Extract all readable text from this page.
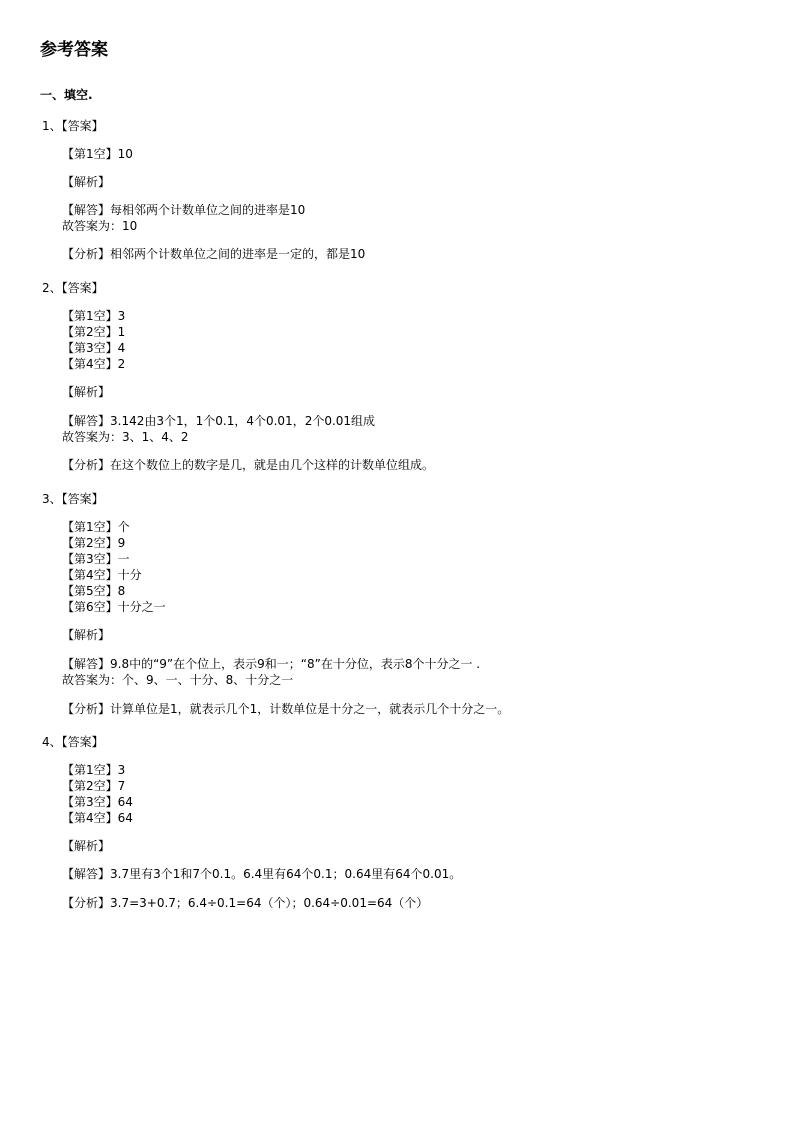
参考答案
一、填空.
1、【答案】
【第1空】10
【解析】
【解答】每相邻两个计数单位之间的进率是10
故答案为：10
【分析】相邻两个计数单位之间的进率是一定的，都是10
2、【答案】
【第1空】3
【第2空】1
【第3空】4
【第4空】2
【解析】
【解答】3.142由3个1，1个0.1，4个0.01，2个0.01组成
故答案为：3、1、4、2
【分析】在这个数位上的数字是几，就是由几个这样的计数单位组成。
3、【答案】
【第1空】个
【第2空】9
【第3空】一
【第4空】十分
【第5空】8
【第6空】十分之一
【解析】
【解答】9.8中的“9”在个位上，表示9和一；“8”在十分位，表示8个十分之一 .
故答案为：个、9、一、十分、8、十分之一
【分析】计算单位是1，就表示几个1，计数单位是十分之一，就表示几个十分之一。
4、【答案】
【第1空】3
【第2空】7
【第3空】64
【第4空】64
【解析】
【解答】3.7里有3个1和7个0.1。6.4里有64个0.1；0.64里有64个0.01。
【分析】3.7=3+0.7；6.4÷0.1=64（个）；0.64÷0.01=64（个）
